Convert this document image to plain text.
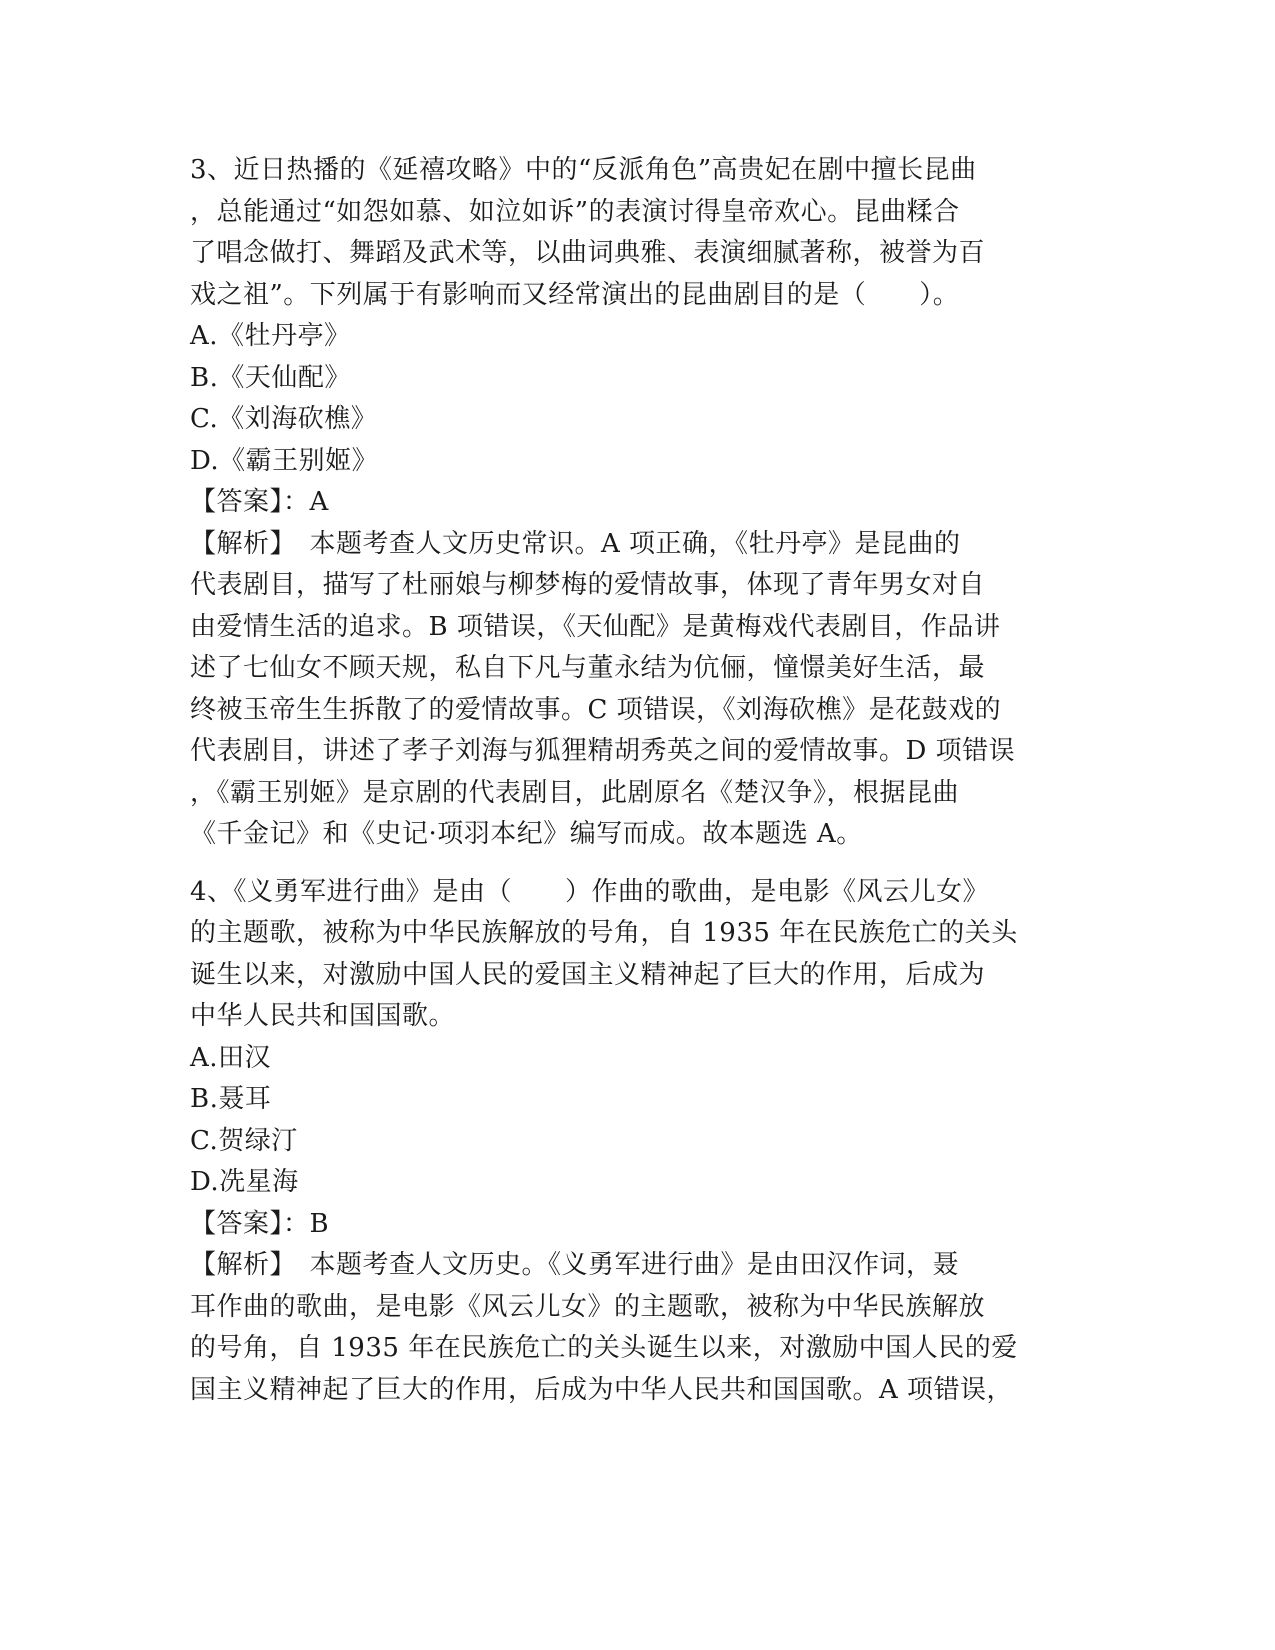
3、近日热播的《延禧攻略》中的“反派角色”高贵妃在剧中擅长昆曲
，总能通过“如怨如慕、如泣如诉”的表演讨得皇帝欢心。昆曲糅合
了唱念做打、舞蹈及武术等，以曲词典雅、表演细腻著称，被誉为百
戏之祖”。下列属于有影响而又经常演出的昆曲剧目的是（　　）。
A.《牡丹亭》
B.《天仙配》
C.《刘海砍樵》
D.《霸王别姬》
【答案】：A
【解析】　本题考查人文历史常识。A 项正确，《牡丹亭》是昆曲的
代表剧目，描写了杜丽娘与柳梦梅的爱情故事，体现了青年男女对自
由爱情生活的追求。B 项错误，《天仙配》是黄梅戏代表剧目，作品讲
述了七仙女不顾天规，私自下凡与董永结为伉俪，憧憬美好生活，最
终被玉帝生生拆散了的爱情故事。C 项错误，《刘海砍樵》是花鼓戏的
代表剧目，讲述了孝子刘海与狐狸精胡秀英之间的爱情故事。D 项错误
，《霸王别姬》是京剧的代表剧目，此剧原名《楚汉争》，根据昆曲
《千金记》和《史记·项羽本纪》编写而成。故本题选 A。
4、《义勇军进行曲》是由（　　）作曲的歌曲，是电影《风云儿女》
的主题歌，被称为中华民族解放的号角，自 1935 年在民族危亡的关头
诞生以来，对激励中国人民的爱国主义精神起了巨大的作用，后成为
中华人民共和国国歌。
A.田汉
B.聂耳
C.贺绿汀
D.冼星海
【答案】：B
【解析】　本题考查人文历史。《义勇军进行曲》是由田汉作词，聂
耳作曲的歌曲，是电影《风云儿女》的主题歌，被称为中华民族解放
的号角，自 1935 年在民族危亡的关头诞生以来，对激励中国人民的爱
国主义精神起了巨大的作用，后成为中华人民共和国国歌。A 项错误，
